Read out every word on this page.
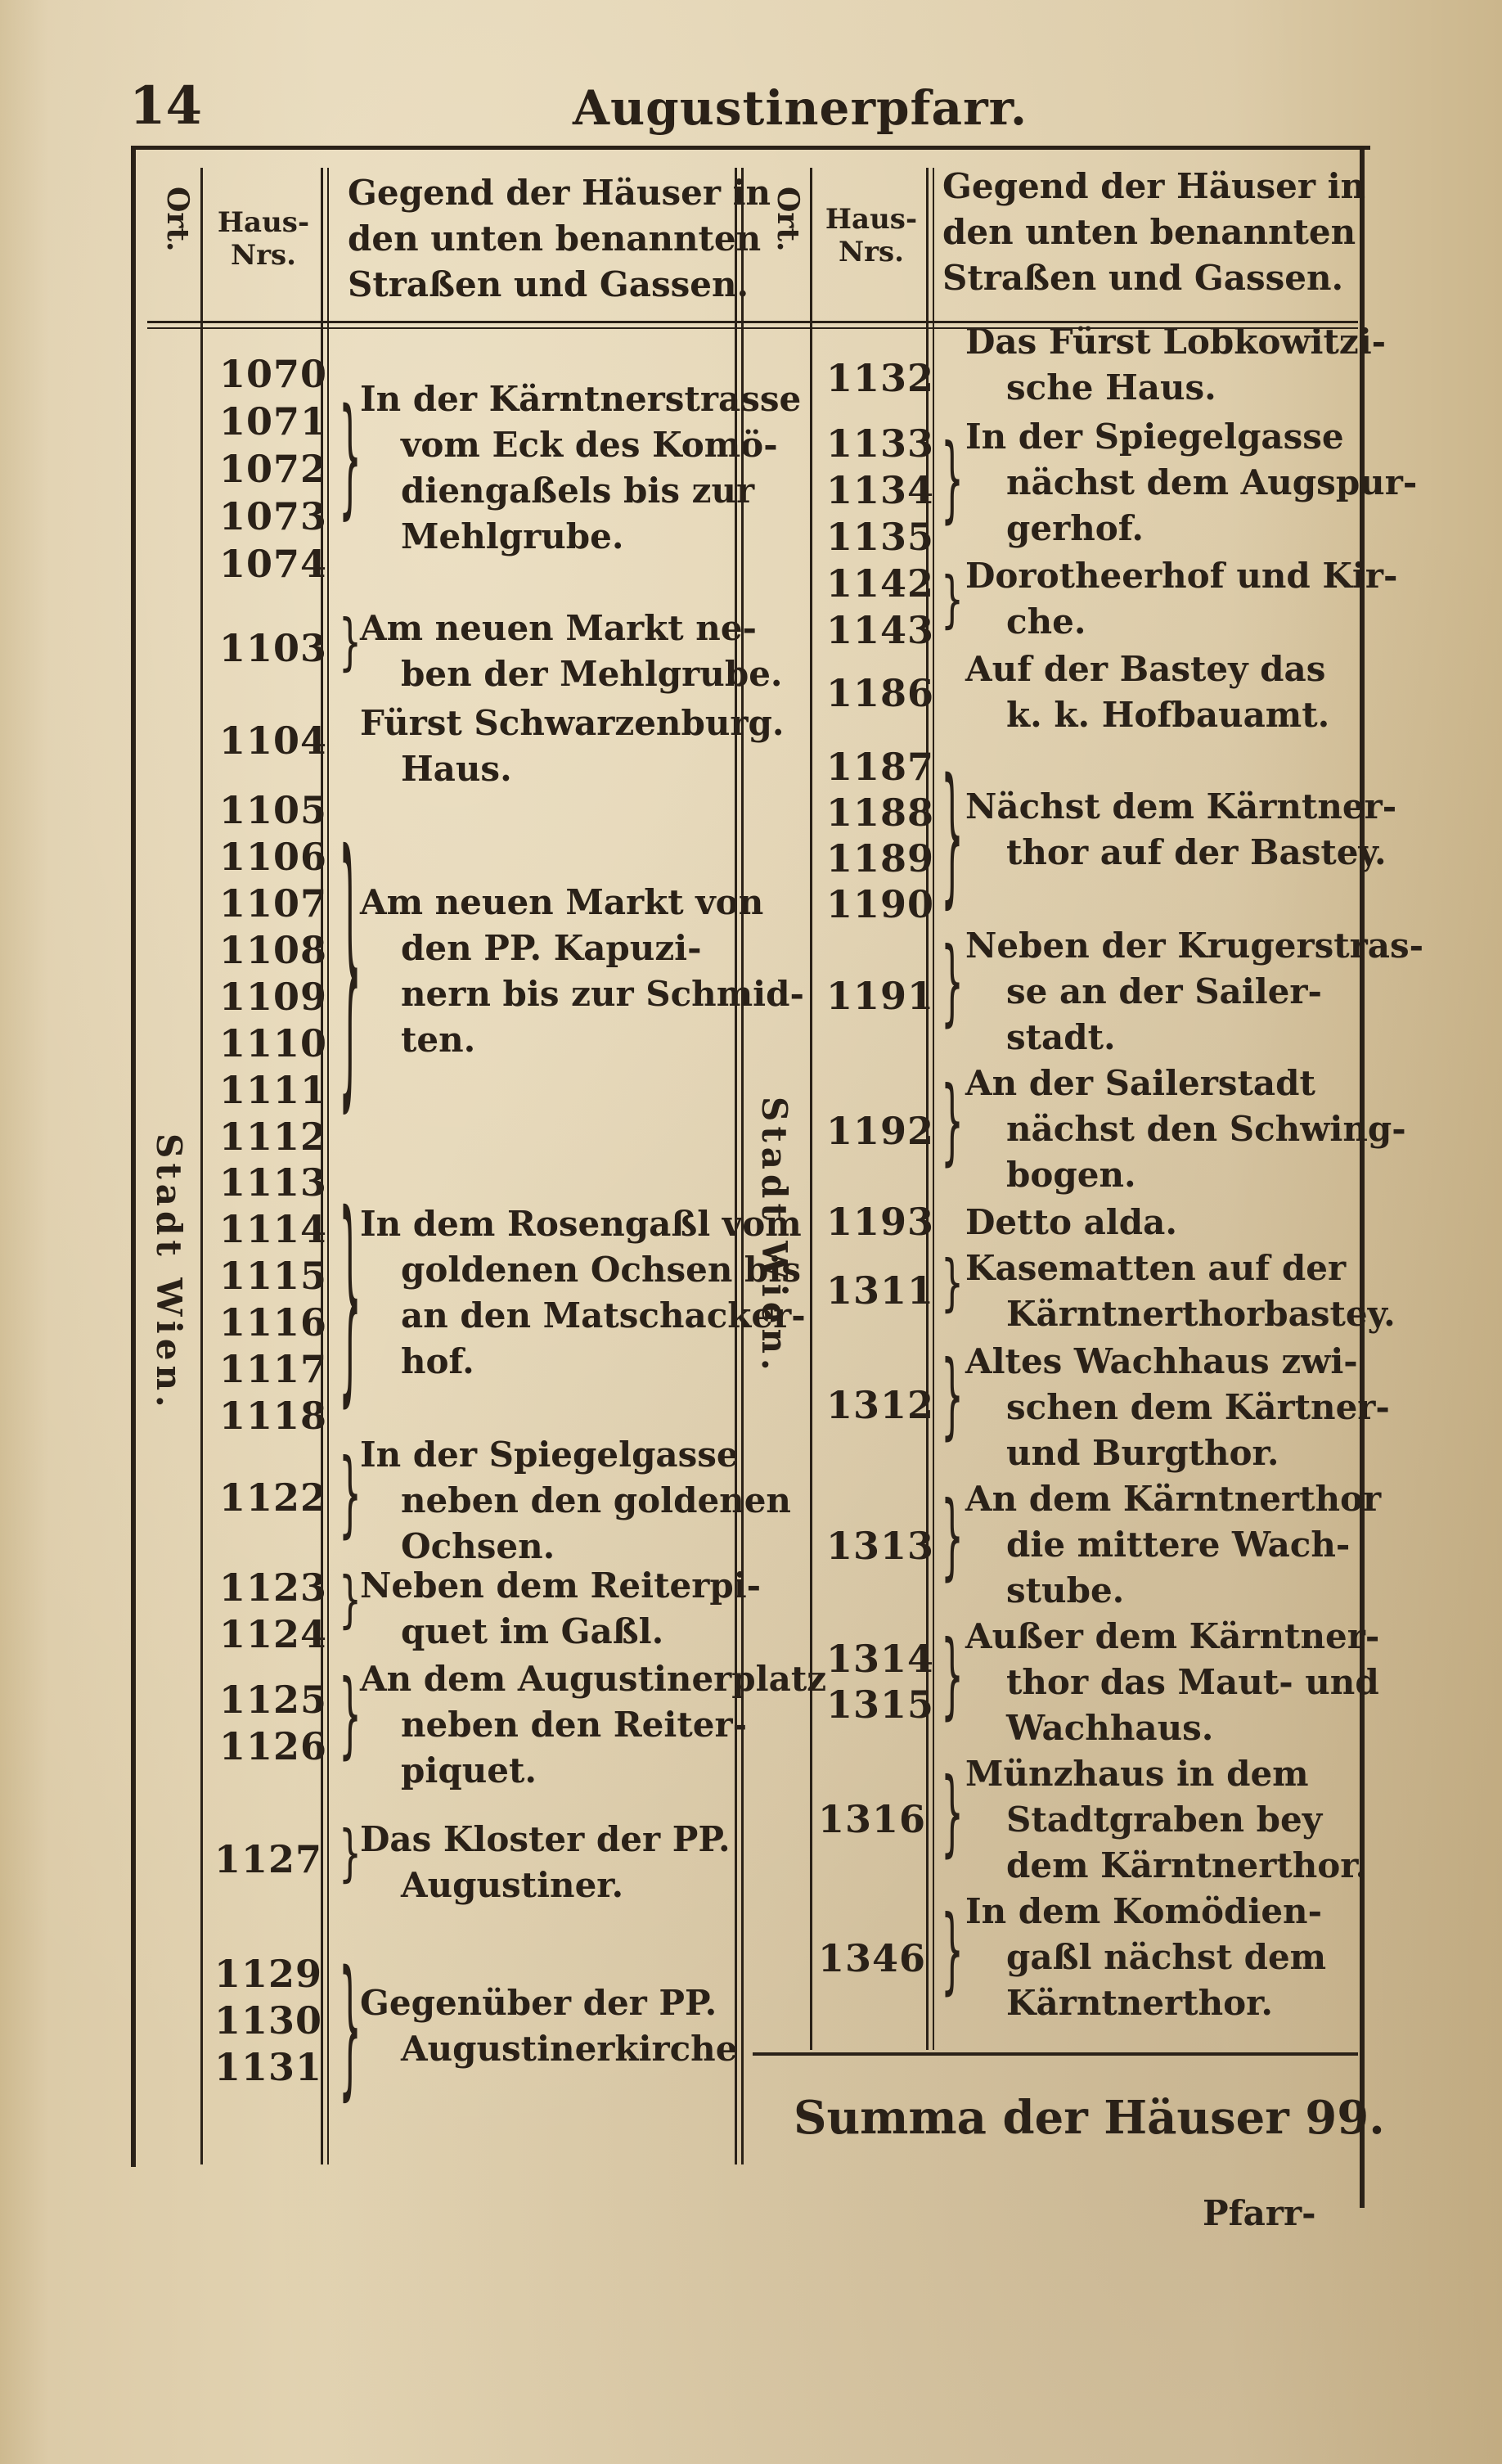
14	Augustinerpfarr.
Ort. Haus-Nrs.
Gegend der Häuser in
den unten benannten
Straßen und Gassen.
Ort. Haus-Nrs.
Gegend der Häuser in
den unten benannten
Straßen und Gassen.
Stadt Wien.	Stadt Wien.
1070
1071
1072
1073
1074
}
In der Kärntnerstrasse
vom Eck des Komö-
diengaßels bis zur
Mehlgrube.
1103 }
Am neuen Markt ne-
ben der Mehlgrube.
1104 Fürst Schwarzenburg.
Haus.
1105
1106
1107
1108
1109
1110
1111
1112 }
Am neuen Markt von
den PP. Kapuzi-
nern bis zur Schmid-
ten.
1113
1114
1115
1116
1117
1118 }
In dem Rosengaßl vom
goldenen Ochsen bis
an den Matschacker-
hof.
1122 }
In der Spiegelgasse
neben den goldenen
Ochsen.
1123
1124 }
Neben dem Reiterpi-
quet im Gaßl.
1125
1126 }
An dem Augustinerplatz
neben den Reiter-
piquet.
1127 }
Das Kloster der PP.
Augustiner.
1129
1130
1131 }
Gegenüber der PP.
Augustinerkirche
1132
Das Fürst Lobkowitzi-
sche Haus.
1133
1134
1135
} In der Spiegelgasse
nächst dem Augspur-
gerhof.
1142
1143 } Dorotheerhof und Kir-
che.
1186
Auf der Bastey das
k. k. Hofbauamt.
1187
1188
1189
1190 } Nächst dem Kärntner-
thor auf der Bastey.
1191 } Neben der Krugerstras-
se an der Sailer-
stadt.
1192 } An der Sailerstadt
nächst den Schwing-
bogen.
1193 Detto alda.
1311 } Kasematten auf der
Kärntnerthorbastey.
1312 } Altes Wachhaus zwi-
schen dem Kärtner-
und Burgthor.
1313 } An dem Kärntnerthor
die mittere Wach-
stube.
1314
1315 } Außer dem Kärntner-
thor das Maut- und
Wachhaus.
1316 } Münzhaus in dem
Stadtgraben bey
dem Kärntnerthor.
1346 } In dem Komödien-
gaßl nächst dem
Kärntnerthor.
Summa der Häuser 99.
Pfarr-
